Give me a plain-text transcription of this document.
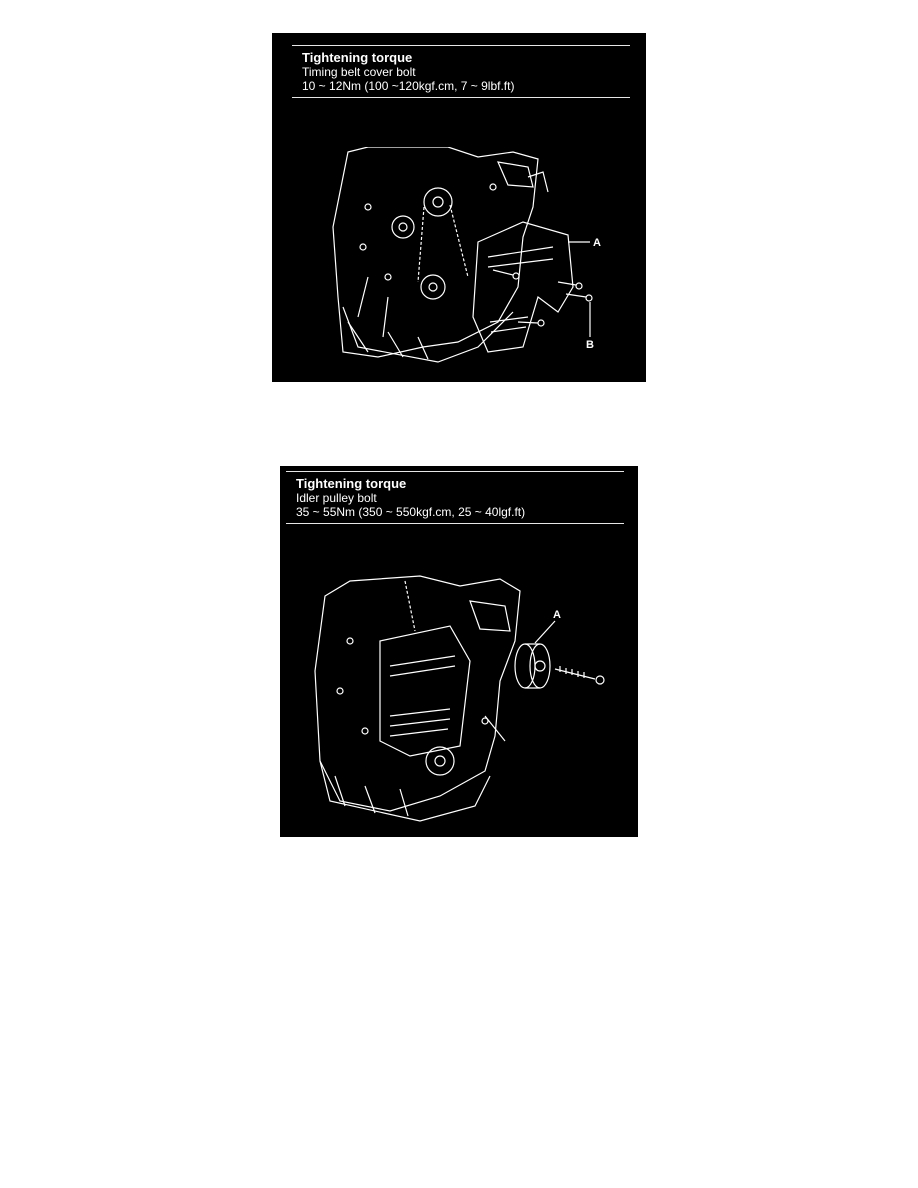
Tightening torque
Timing belt cover bolt
10 ~ 12Nm (100 ~120kgf.cm, 7 ~ 9lbf.ft)
A
B
Tightening torque
Idler pulley bolt
35 ~ 55Nm (350 ~ 550kgf.cm, 25 ~ 40lgf.ft)
A
